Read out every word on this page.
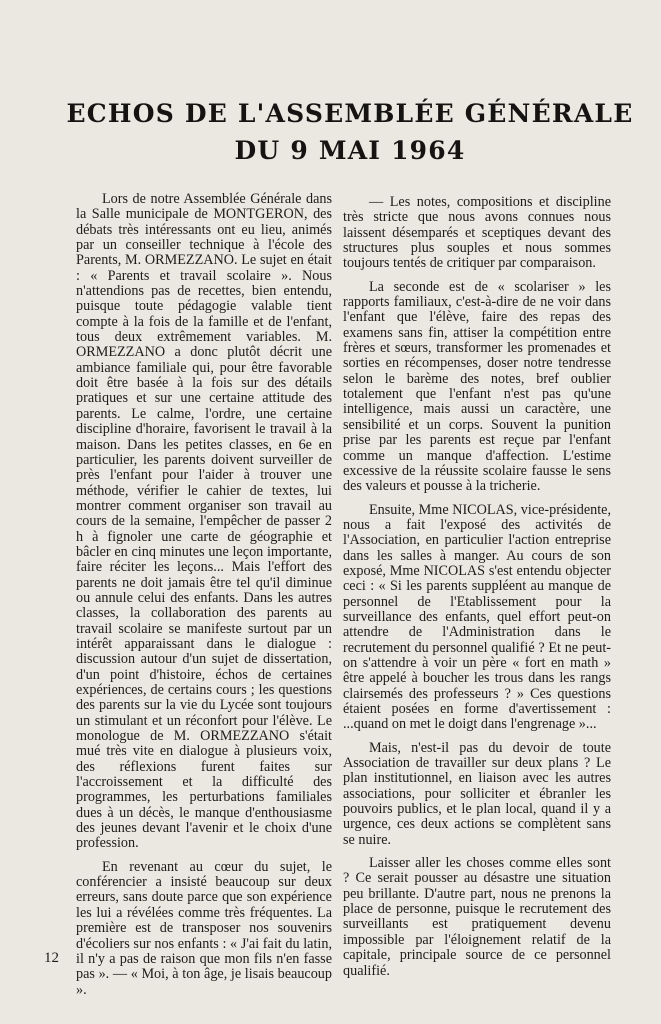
ECHOS DE L'ASSEMBLÉE GÉNÉRALE
DU 9 MAI 1964

Lors de notre Assemblée Générale dans la Salle municipale de MONTGERON, des débats très intéressants ont eu lieu, animés par un conseiller technique à l'école des Parents, M. ORMEZZANO. Le sujet en était : « Parents et travail scolaire ». Nous n'attendions pas de recettes, bien entendu, puisque toute pédagogie valable tient compte à la fois de la famille et de l'enfant, tous deux extrêmement variables. M. ORMEZZANO a donc plutôt décrit une ambiance familiale qui, pour être favorable doit être basée à la fois sur des détails pratiques et sur une certaine attitude des parents. Le calme, l'ordre, une certaine discipline d'horaire, favorisent le travail à la maison. Dans les petites classes, en 6e en particulier, les parents doivent surveiller de près l'enfant pour l'aider à trouver une méthode, vérifier le cahier de textes, lui montrer comment organiser son travail au cours de la semaine, l'empêcher de passer 2 h à fignoler une carte de géographie et bâcler en cinq minutes une leçon importante, faire réciter les leçons... Mais l'effort des parents ne doit jamais être tel qu'il diminue ou annule celui des enfants. Dans les autres classes, la collaboration des parents au travail scolaire se manifeste surtout par un intérêt apparaissant dans le dialogue : discussion autour d'un sujet de dissertation, d'un point d'histoire, échos de certaines expériences, de certains cours ; les questions des parents sur la vie du Lycée sont toujours un stimulant et un réconfort pour l'élève. Le monologue de M. ORMEZZANO s'était mué très vite en dialogue à plusieurs voix, des réflexions furent faites sur l'accroissement et la difficulté des programmes, les perturbations familiales dues à un décès, le manque d'enthousiasme des jeunes devant l'avenir et le choix d'une profession.

En revenant au cœur du sujet, le conférencier a insisté beaucoup sur deux erreurs, sans doute parce que son expérience les lui a révélées comme très fréquentes. La première est de transposer nos souvenirs d'écoliers sur nos enfants : « J'ai fait du latin, il n'y a pas de raison que mon fils n'en fasse pas ». — « Moi, à ton âge, je lisais beaucoup ».

— Les notes, compositions et discipline très stricte que nous avons connues nous laissent désemparés et sceptiques devant des structures plus souples et nous sommes toujours tentés de critiquer par comparaison.

La seconde est de « scolariser » les rapports familiaux, c'est-à-dire de ne voir dans l'enfant que l'élève, faire des repas des examens sans fin, attiser la compétition entre frères et sœurs, transformer les promenades et sorties en récompenses, doser notre tendresse selon le barème des notes, bref oublier totalement que l'enfant n'est pas qu'une intelligence, mais aussi un caractère, une sensibilité et un corps. Souvent la punition prise par les parents est reçue par l'enfant comme un manque d'affection. L'estime excessive de la réussite scolaire fausse le sens des valeurs et pousse à la tricherie.

Ensuite, Mme NICOLAS, vice-présidente, nous a fait l'exposé des activités de l'Association, en particulier l'action entreprise dans les salles à manger. Au cours de son exposé, Mme NICOLAS s'est entendu objecter ceci : « Si les parents suppléent au manque de personnel de l'Etablissement pour la surveillance des enfants, quel effort peut-on attendre de l'Administration dans le recrutement du personnel qualifié ? Et ne peut-on s'attendre à voir un père « fort en math » être appelé à boucher les trous dans les rangs clairsemés des professeurs ? » Ces questions étaient posées en forme d'avertissement : ...quand on met le doigt dans l'engrenage »...

Mais, n'est-il pas du devoir de toute Association de travailler sur deux plans ? Le plan institutionnel, en liaison avec les autres associations, pour solliciter et ébranler les pouvoirs publics, et le plan local, quand il y a urgence, ces deux actions se complètent sans se nuire.

Laisser aller les choses comme elles sont ? Ce serait pousser au désastre une situation peu brillante. D'autre part, nous ne prenons la place de personne, puisque le recrutement des surveillants est pratiquement devenu impossible par l'éloignement relatif de la capitale, principale source de ce personnel qualifié.

12
